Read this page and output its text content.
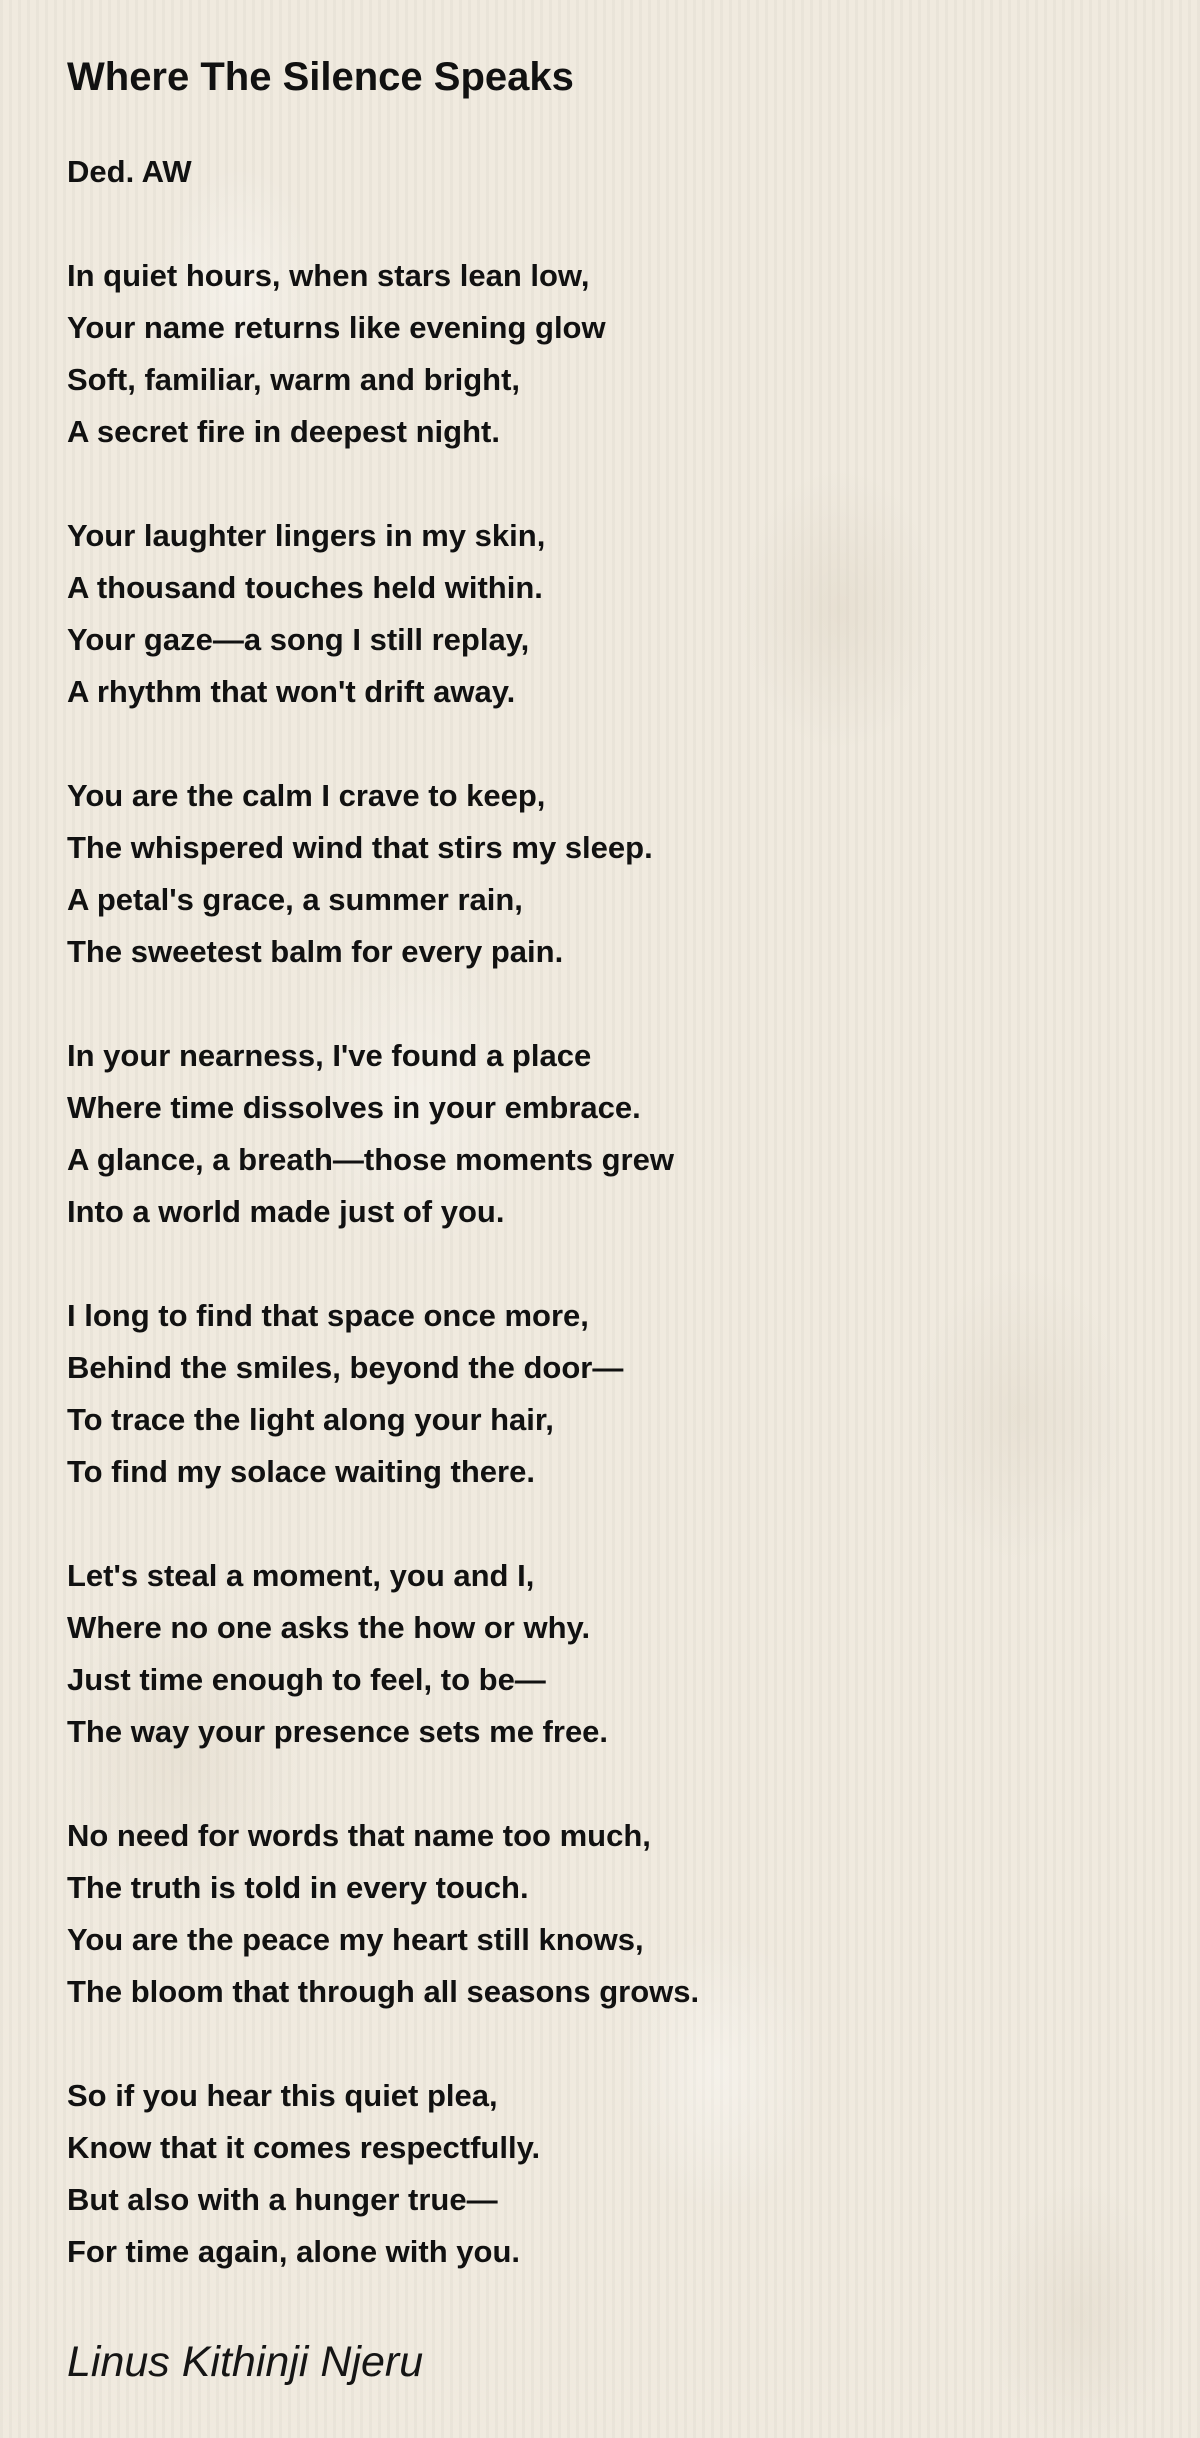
Where The Silence Speaks
Ded. AW
In quiet hours, when stars lean low,
Your name returns like evening glow
Soft, familiar, warm and bright,
A secret fire in deepest night.
Your laughter lingers in my skin,
A thousand touches held within.
Your gaze—a song I still replay,
A rhythm that won't drift away.
You are the calm I crave to keep,
The whispered wind that stirs my sleep.
A petal's grace, a summer rain,
The sweetest balm for every pain.
In your nearness, I've found a place
Where time dissolves in your embrace.
A glance, a breath—those moments grew
Into a world made just of you.
I long to find that space once more,
Behind the smiles, beyond the door—
To trace the light along your hair,
To find my solace waiting there.
Let's steal a moment, you and I,
Where no one asks the how or why.
Just time enough to feel, to be—
The way your presence sets me free.
No need for words that name too much,
The truth is told in every touch.
You are the peace my heart still knows,
The bloom that through all seasons grows.
So if you hear this quiet plea,
Know that it comes respectfully.
But also with a hunger true—
For time again, alone with you.
Linus Kithinji Njeru
